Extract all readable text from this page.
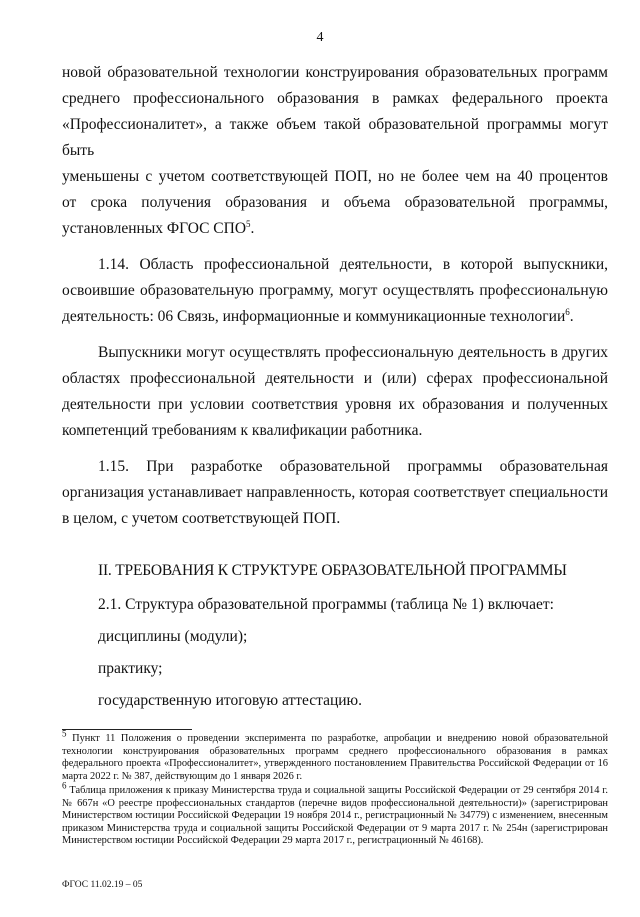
4

новой образовательной технологии конструирования образовательных программ

среднего профессионального образования в рамках федерального проекта

«Профессионалитет», а также объем такой образовательной программы могут быть

уменьшены с учетом соответствующей ПОП, но не более чем на 40 процентов

от срока получения образования и объема образовательной программы,

установленных ФГОС СПО$^5$.

1.14. Область профессиональной деятельности, в которой выпускники,

освоившие образовательную программу, могут осуществлять профессиональную

деятельность: 06 Связь, информационные и коммуникационные технологии$^6$.

Выпускники могут осуществлять профессиональную деятельность в других

областях профессиональной деятельности и (или) сферах профессиональной

деятельности при условии соответствия уровня их образования и полученных

компетенций требованиям к квалификации работника.

1.15. При разработке образовательной программы образовательная

организация устанавливает направленность, которая соответствует специальности

в целом, с учетом соответствующей ПОП.

II. ТРЕБОВАНИЯ К СТРУКТУРЕ ОБРАЗОВАТЕЛЬНОЙ ПРОГРАММЫ

2.1. Структура образовательной программы (таблица № 1) включает:

дисциплины (модули);

практику;

государственную итоговую аттестацию.

$^5$ Пункт 11 Положения о проведении эксперимента по разработке, апробации и внедрению новой образовательной технологии конструирования образовательных программ среднего профессионального образования в рамках федерального проекта «Профессионалитет», утвержденного постановлением Правительства Российской Федерации от 16 марта 2022 г. № 387, действующим до 1 января 2026 г.

$^6$ Таблица приложения к приказу Министерства труда и социальной защиты Российской Федерации от 29 сентября 2014 г. № 667н «О реестре профессиональных стандартов (перечне видов профессиональной деятельности)» (зарегистрирован Министерством юстиции Российской Федерации 19 ноября 2014 г., регистрационный № 34779) с изменением, внесенным приказом Министерства труда и социальной защиты Российской Федерации от 9 марта 2017 г. № 254н (зарегистрирован Министерством юстиции Российской Федерации 29 марта 2017 г., регистрационный № 46168).

ФГОС 11.02.19 – 05
